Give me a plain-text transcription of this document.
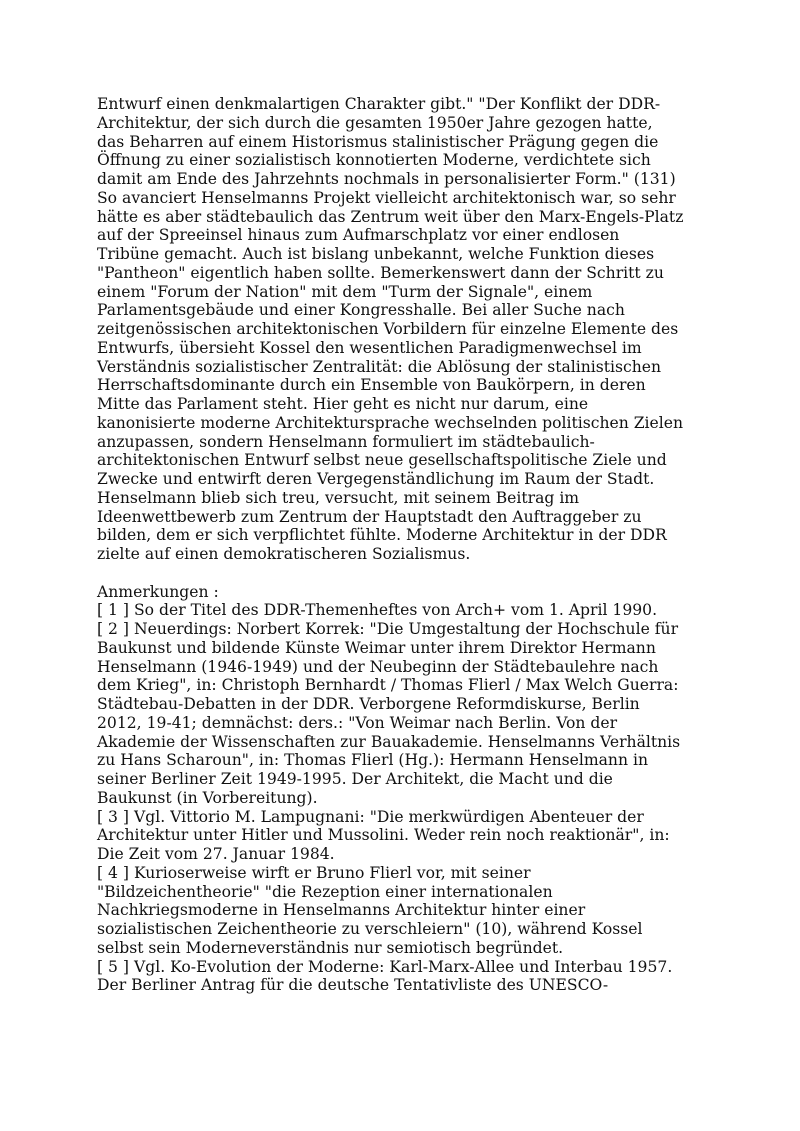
Entwurf einen denkmalartigen Charakter gibt." "Der Konflikt der DDR-
Architektur, der sich durch die gesamten 1950er Jahre gezogen hatte,
das Beharren auf einem Historismus stalinistischer Prägung gegen die
Öffnung zu einer sozialistisch konnotierten Moderne, verdichtete sich
damit am Ende des Jahrzehnts nochmals in personalisierter Form." (131)
So avanciert Henselmanns Projekt vielleicht architektonisch war, so sehr
hätte es aber städtebaulich das Zentrum weit über den Marx-Engels-Platz
auf der Spreeinsel hinaus zum Aufmarschplatz vor einer endlosen
Tribüne gemacht. Auch ist bislang unbekannt, welche Funktion dieses
"Pantheon" eigentlich haben sollte. Bemerkenswert dann der Schritt zu
einem "Forum der Nation" mit dem "Turm der Signale", einem
Parlamentsgebäude und einer Kongresshalle. Bei aller Suche nach
zeitgenössischen architektonischen Vorbildern für einzelne Elemente des
Entwurfs, übersieht Kossel den wesentlichen Paradigmenwechsel im
Verständnis sozialistischer Zentralität: die Ablösung der stalinistischen
Herrschaftsdominante durch ein Ensemble von Baukörpern, in deren
Mitte das Parlament steht. Hier geht es nicht nur darum, eine
kanonisierte moderne Architektursprache wechselnden politischen Zielen
anzupassen, sondern Henselmann formuliert im städtebaulich-
architektonischen Entwurf selbst neue gesellschaftspolitische Ziele und
Zwecke und entwirft deren Vergegenständlichung im Raum der Stadt.
Henselmann blieb sich treu, versucht, mit seinem Beitrag im
Ideenwettbewerb zum Zentrum der Hauptstadt den Auftraggeber zu
bilden, dem er sich verpflichtet fühlte. Moderne Architektur in der DDR
zielte auf einen demokratischeren Sozialismus.
Anmerkungen :
[ 1 ] So der Titel des DDR-Themenheftes von Arch+ vom 1. April 1990.
[ 2 ] Neuerdings: Norbert Korrek: "Die Umgestaltung der Hochschule für
Baukunst und bildende Künste Weimar unter ihrem Direktor Hermann
Henselmann (1946-1949) und der Neubeginn der Städtebaulehre nach
dem Krieg", in: Christoph Bernhardt / Thomas Flierl / Max Welch Guerra:
Städtebau-Debatten in der DDR. Verborgene Reformdiskurse, Berlin
2012, 19-41; demnächst: ders.: "Von Weimar nach Berlin. Von der
Akademie der Wissenschaften zur Bauakademie. Henselmanns Verhältnis
zu Hans Scharoun", in: Thomas Flierl (Hg.): Hermann Henselmann in
seiner Berliner Zeit 1949-1995. Der Architekt, die Macht und die
Baukunst (in Vorbereitung).
[ 3 ] Vgl. Vittorio M. Lampugnani: "Die merkwürdigen Abenteuer der
Architektur unter Hitler und Mussolini. Weder rein noch reaktionär", in:
Die Zeit vom 27. Januar 1984.
[ 4 ] Kurioserweise wirft er Bruno Flierl vor, mit seiner
"Bildzeichentheorie" "die Rezeption einer internationalen
Nachkriegsmoderne in Henselmanns Architektur hinter einer
sozialistischen Zeichentheorie zu verschleiern" (10), während Kossel
selbst sein Moderneverständnis nur semiotisch begründet.
[ 5 ] Vgl. Ko-Evolution der Moderne: Karl-Marx-Allee und Interbau 1957.
Der Berliner Antrag für die deutsche Tentativliste des UNESCO-
